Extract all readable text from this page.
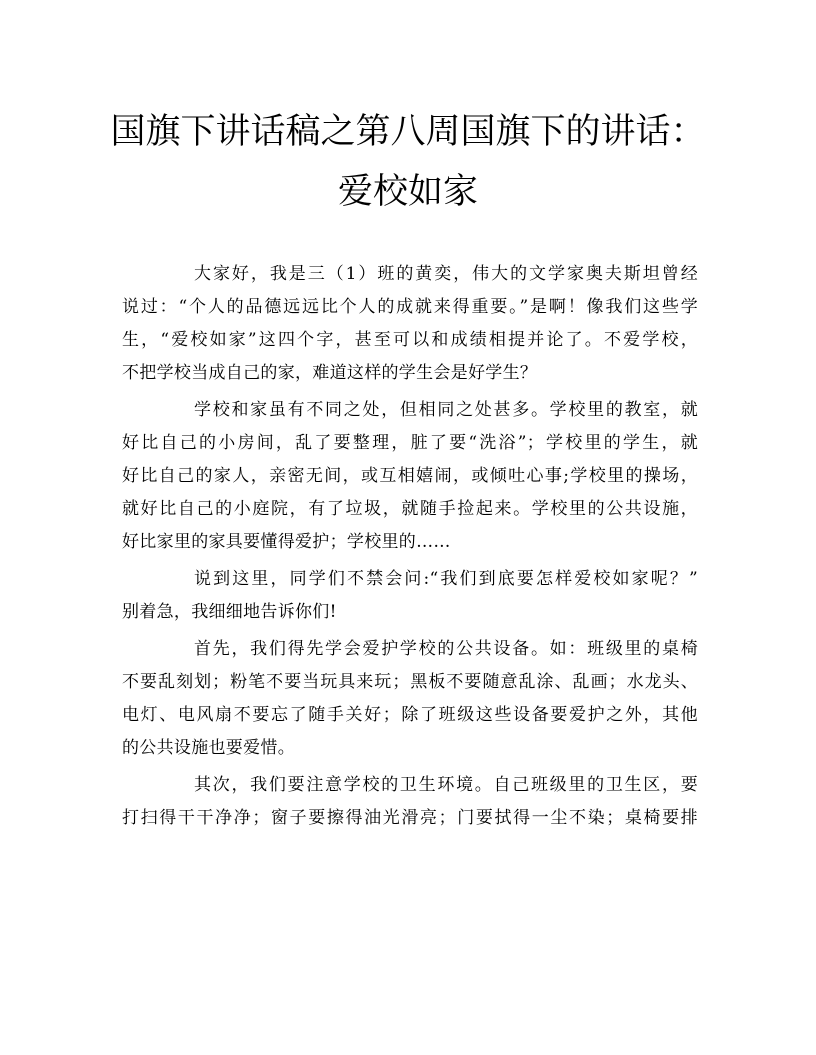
国旗下讲话稿之第八周国旗下的讲话：
爱校如家

大家好，我是三（1）班的黄奕，伟大的文学家奥夫斯坦曾经
说过：“个人的品德远远比个人的成就来得重要。”是啊！像我们这些学
生，“爱校如家”这四个字，甚至可以和成绩相提并论了。不爱学校，
不把学校当成自己的家，难道这样的学生会是好学生？

学校和家虽有不同之处，但相同之处甚多。学校里的教室，就
好比自己的小房间，乱了要整理，脏了要“洗浴”；学校里的学生，就
好比自己的家人，亲密无间，或互相嬉闹，或倾吐心事;学校里的操场，
就好比自己的小庭院，有了垃圾，就随手捡起来。学校里的公共设施，
好比家里的家具要懂得爱护；学校里的……

说到这里，同学们不禁会问:“我们到底要怎样爱校如家呢？”
别着急，我细细地告诉你们!

首先，我们得先学会爱护学校的公共设备。如：班级里的桌椅
不要乱刻划；粉笔不要当玩具来玩；黑板不要随意乱涂、乱画；水龙头、
电灯、电风扇不要忘了随手关好；除了班级这些设备要爱护之外，其他
的公共设施也要爱惜。

其次，我们要注意学校的卫生环境。自己班级里的卫生区，要
打扫得干干净净；窗子要擦得油光滑亮；门要拭得一尘不染；桌椅要排
